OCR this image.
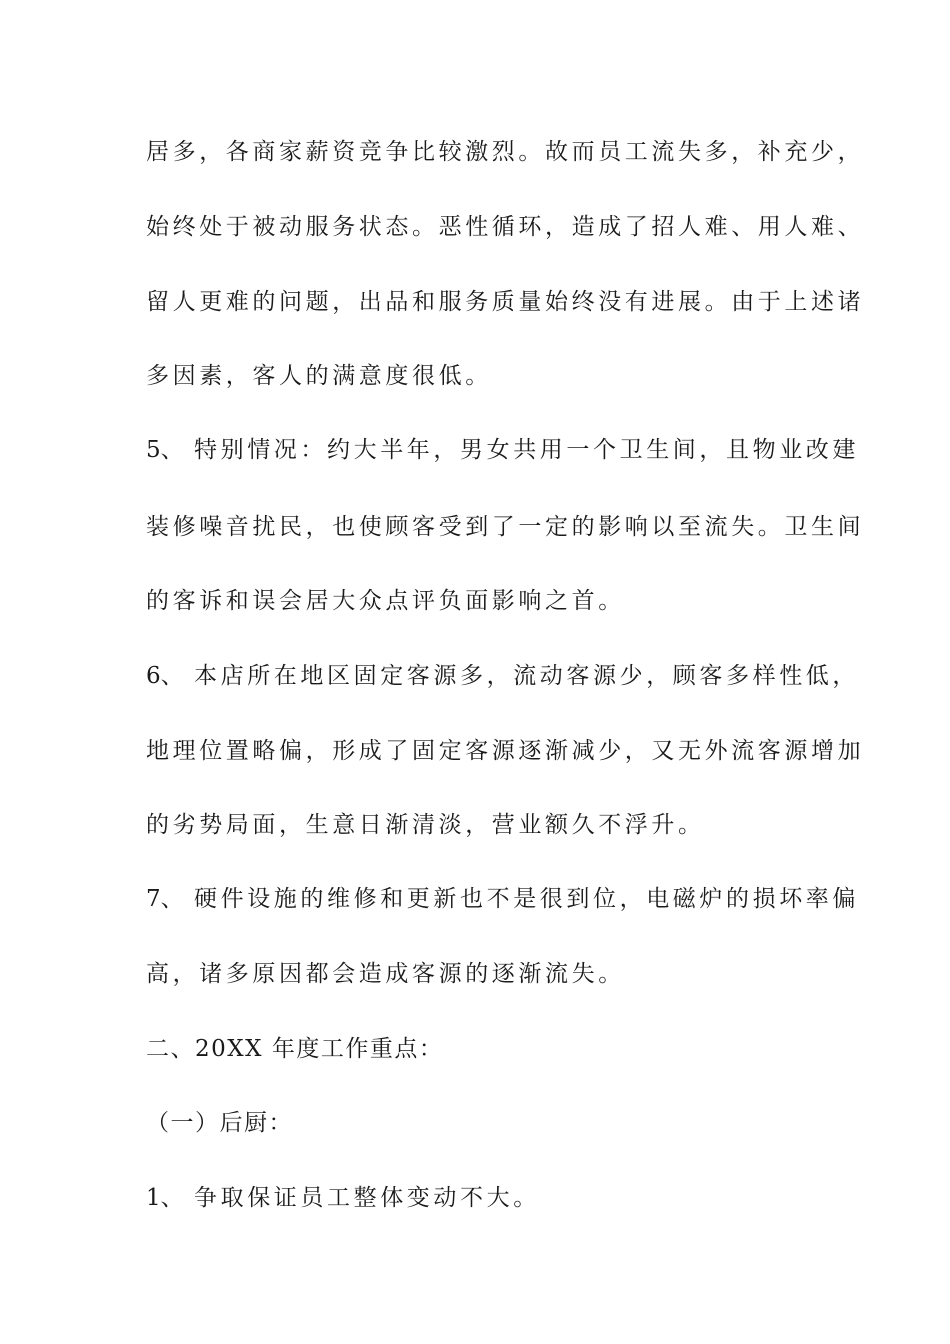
居多，各商家薪资竞争比较激烈。故而员工流失多，补充少，
始终处于被动服务状态。恶性循环，造成了招人难、用人难、
留人更难的问题，出品和服务质量始终没有进展。由于上述诸
多因素，客人的满意度很低。
5、 特别情况：约大半年，男女共用一个卫生间，且物业改建
装修噪音扰民，也使顾客受到了一定的影响以至流失。卫生间
的客诉和误会居大众点评负面影响之首。
6、 本店所在地区固定客源多，流动客源少，顾客多样性低，
地理位置略偏，形成了固定客源逐渐减少，又无外流客源增加
的劣势局面，生意日渐清淡，营业额久不浮升。
7、 硬件设施的维修和更新也不是很到位，电磁炉的损坏率偏
高，诸多原因都会造成客源的逐渐流失。
二、20XX 年度工作重点：
（一）后厨：
1、 争取保证员工整体变动不大。
